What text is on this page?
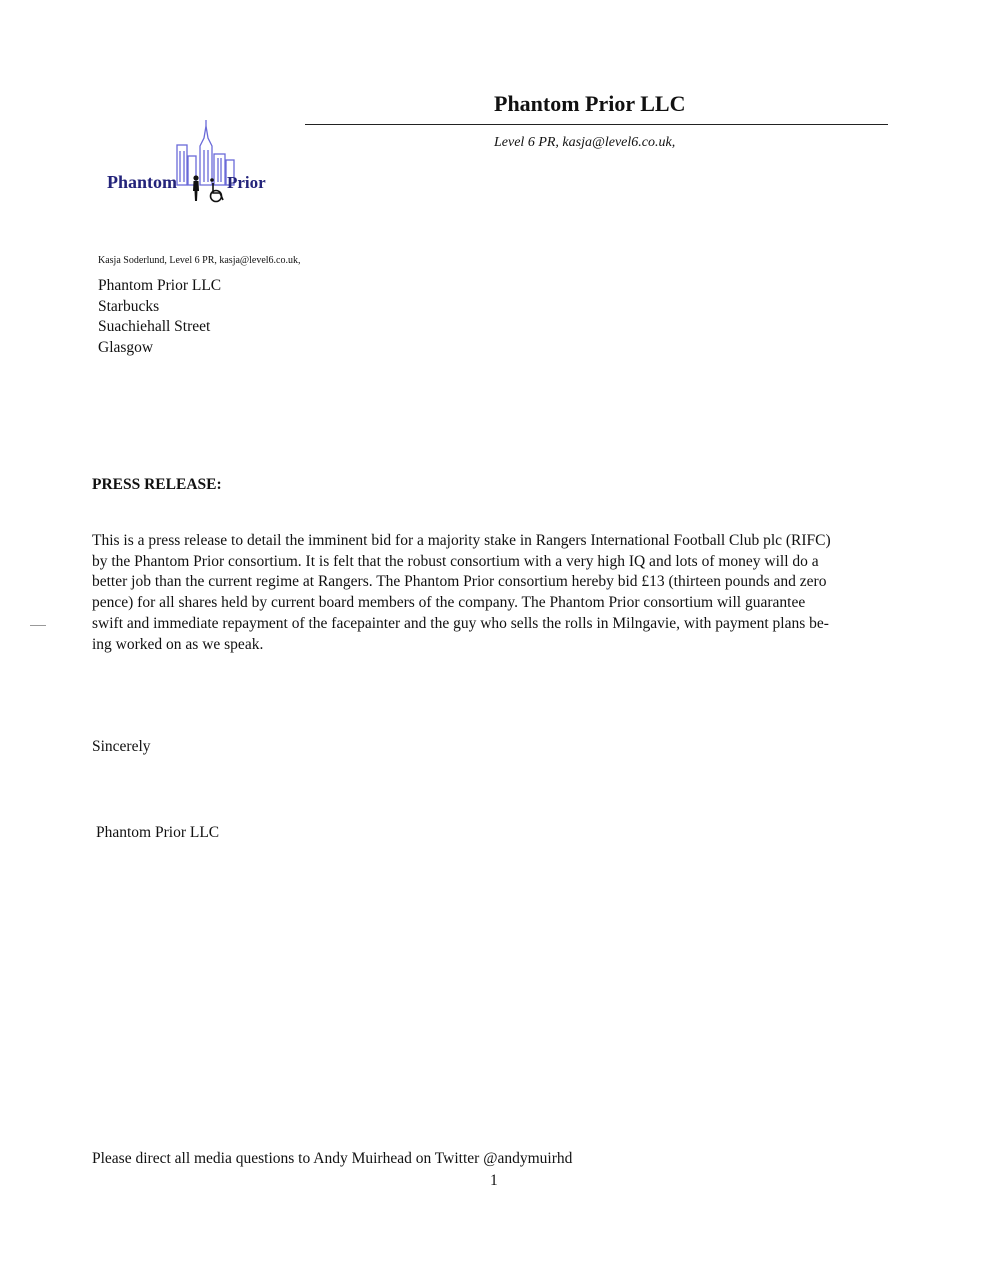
Phantom Prior LLC
Level 6 PR, kasja@level6.co.uk,
Phantom	Prior
Kasja Soderlund, Level 6 PR, kasja@level6.co.uk,
Phantom Prior LLC
Starbucks
Suachiehall Street
Glasgow
PRESS RELEASE:
This is a press release to detail the imminent bid for a majority stake in Rangers International Football Club plc (RIFC)
by the Phantom Prior consortium. It is felt that the robust consortium with a very high IQ and lots of money will do a
better job than the current regime at Rangers. The Phantom Prior consortium hereby bid £13 (thirteen pounds and zero
pence) for all shares held by current board members of the company. The Phantom Prior consortium will guarantee
swift and immediate repayment of the facepainter and the guy who sells the rolls in Milngavie, with payment plans be-
ing worked on as we speak.
Sincerely
Phantom Prior LLC
Please direct all media questions to Andy Muirhead on Twitter @andymuirhd
1
